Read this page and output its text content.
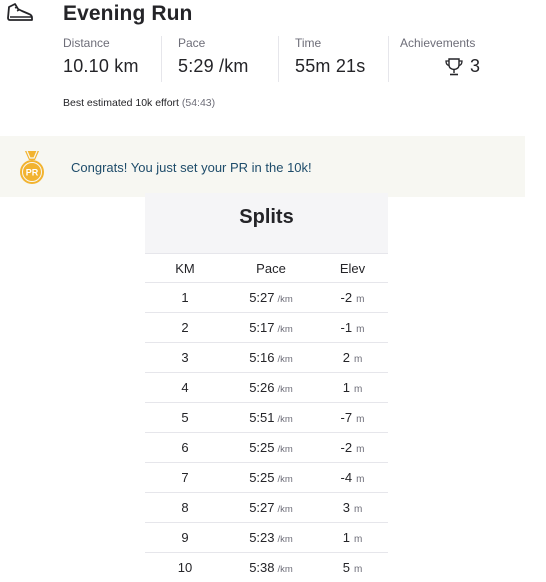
Evening Run
Distance
10.10 km
Pace
5:29 /km
Time
55m 21s
Achievements
3
Best estimated 10k effort (54:43)
PR	Congrats! You just set your PR in the 10k!
Splits
KM	Pace	Elev
1	5:27 /km	-2 m
2	5:17 /km	-1 m
3	5:16 /km	2 m
4	5:26 /km	1 m
5	5:51 /km	-7 m
6	5:25 /km	-2 m
7	5:25 /km	-4 m
8	5:27 /km	3 m
9	5:23 /km	1 m
10	5:38 /km	5 m
